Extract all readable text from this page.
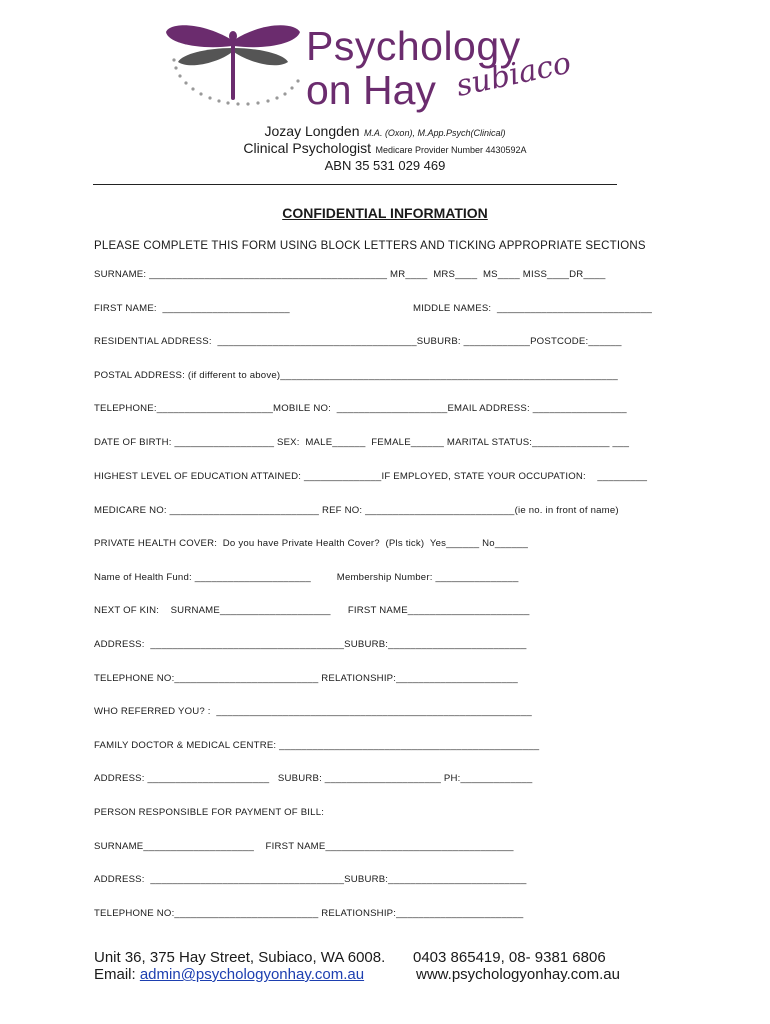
Psychology
on Hay subiaco
Jozay Longden M.A. (Oxon), M.App.Psych(Clinical)
Clinical Psychologist Medicare Provider Number 4430592A
ABN 35 531 029 469
CONFIDENTIAL INFORMATION
PLEASE COMPLETE THIS FORM USING BLOCK LETTERS AND TICKING APPROPRIATE SECTIONS
SURNAME: ___________________________________________ MR____  MRS____  MS____ MISS____DR____
FIRST NAME:  _______________________	MIDDLE NAMES:  ____________________________
RESIDENTIAL ADDRESS:  ____________________________________SUBURB: ____________POSTCODE:______
POSTAL ADDRESS: (if different to above)_____________________________________________________________
TELEPHONE:_____________________MOBILE NO:  ____________________EMAIL ADDRESS: _________________
DATE OF BIRTH: __________________ SEX:  MALE______  FEMALE______ MARITAL STATUS:______________ ___
HIGHEST LEVEL OF EDUCATION ATTAINED: ______________IF EMPLOYED, STATE YOUR OCCUPATION:    _________
MEDICARE NO: ___________________________ REF NO: ___________________________(ie no. in front of name)
PRIVATE HEALTH COVER:  Do you have Private Health Cover?  (Pls tick)  Yes______ No______
Name of Health Fund: _____________________         Membership Number: _______________
NEXT OF KIN:    SURNAME____________________      FIRST NAME______________________
ADDRESS:  ___________________________________SUBURB:_________________________
TELEPHONE NO:__________________________ RELATIONSHIP:______________________
WHO REFERRED YOU? :  _________________________________________________________
FAMILY DOCTOR & MEDICAL CENTRE: _______________________________________________
ADDRESS: ______________________   SUBURB: _____________________ PH:_____________
PERSON RESPONSIBLE FOR PAYMENT OF BILL:
SURNAME____________________    FIRST NAME__________________________________
ADDRESS:  ___________________________________SUBURB:_________________________
TELEPHONE NO:__________________________ RELATIONSHIP:_______________________
Unit 36, 375 Hay Street, Subiaco, WA 6008. 0403 865419, 08- 9381 6806
Email: admin@psychologyonhay.com.au	www.psychologyonhay.com.au
